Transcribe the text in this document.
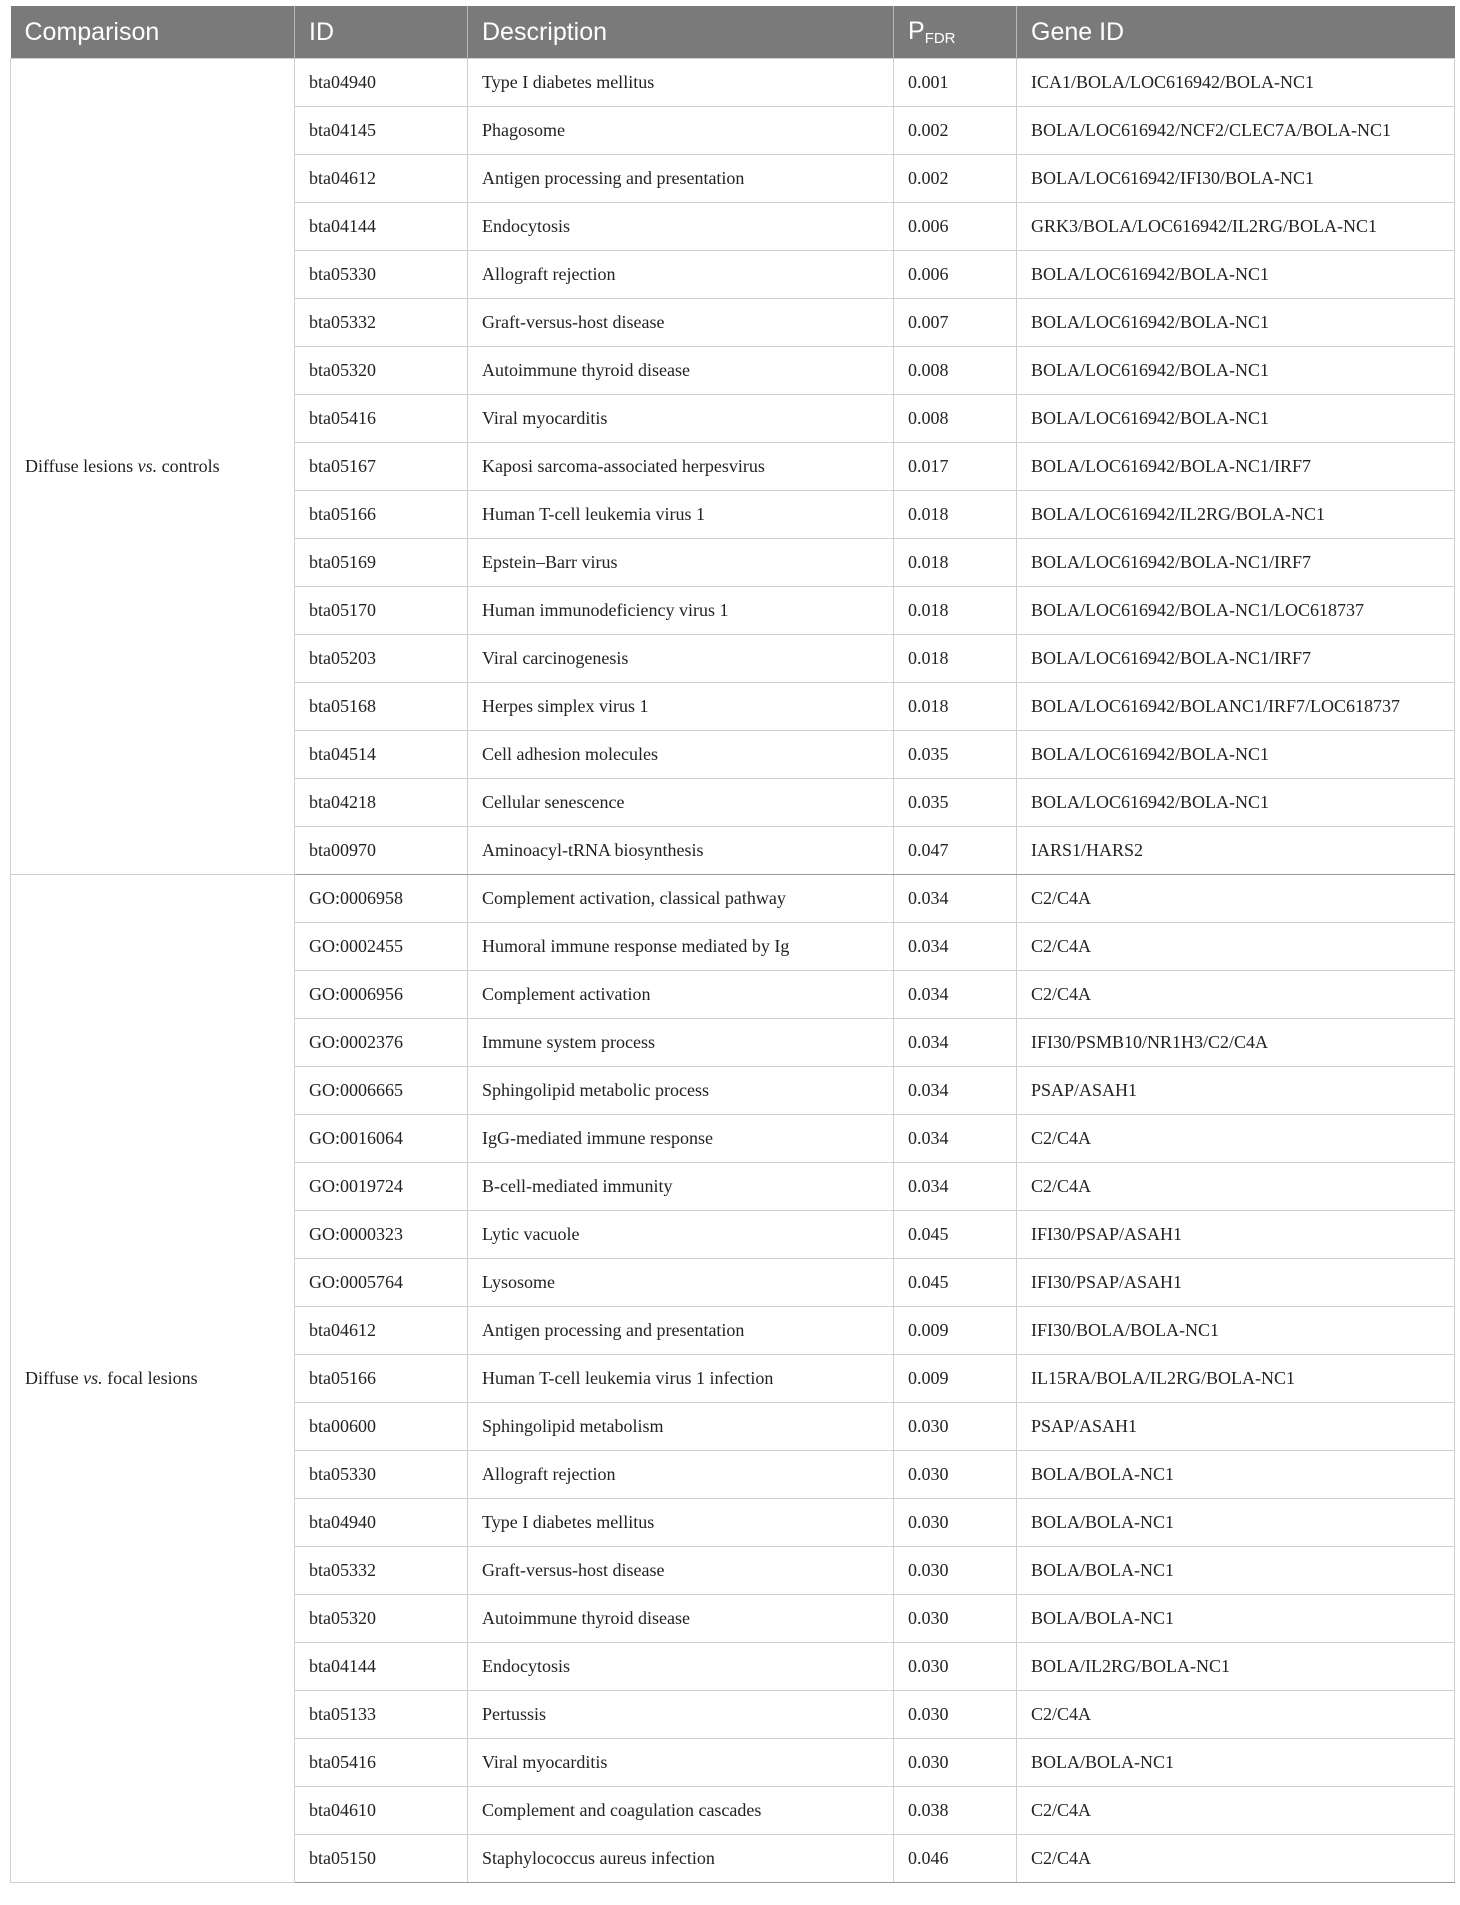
Comparison	ID	Description	$P_{FDR}$	Gene ID
Diffuse lesions vs. controls	bta04940	Type I diabetes mellitus	0.001	ICA1/BOLA/LOC616942/BOLA-NC1
	bta04145	Phagosome	0.002	BOLA/LOC616942/NCF2/CLEC7A/BOLA-NC1
	bta04612	Antigen processing and presentation	0.002	BOLA/LOC616942/IFI30/BOLA-NC1
	bta04144	Endocytosis	0.006	GRK3/BOLA/LOC616942/IL2RG/BOLA-NC1
	bta05330	Allograft rejection	0.006	BOLA/LOC616942/BOLA-NC1
	bta05332	Graft-versus-host disease	0.007	BOLA/LOC616942/BOLA-NC1
	bta05320	Autoimmune thyroid disease	0.008	BOLA/LOC616942/BOLA-NC1
	bta05416	Viral myocarditis	0.008	BOLA/LOC616942/BOLA-NC1
	bta05167	Kaposi sarcoma-associated herpesvirus	0.017	BOLA/LOC616942/BOLA-NC1/IRF7
	bta05166	Human T-cell leukemia virus 1	0.018	BOLA/LOC616942/IL2RG/BOLA-NC1
	bta05169	Epstein–Barr virus	0.018	BOLA/LOC616942/BOLA-NC1/IRF7
	bta05170	Human immunodeficiency virus 1	0.018	BOLA/LOC616942/BOLA-NC1/LOC618737
	bta05203	Viral carcinogenesis	0.018	BOLA/LOC616942/BOLA-NC1/IRF7
	bta05168	Herpes simplex virus 1	0.018	BOLA/LOC616942/BOLANC1/IRF7/LOC618737
	bta04514	Cell adhesion molecules	0.035	BOLA/LOC616942/BOLA-NC1
	bta04218	Cellular senescence	0.035	BOLA/LOC616942/BOLA-NC1
	bta00970	Aminoacyl-tRNA biosynthesis	0.047	IARS1/HARS2
Diffuse vs. focal lesions	GO:0006958	Complement activation, classical pathway	0.034	C2/C4A
	GO:0002455	Humoral immune response mediated by Ig	0.034	C2/C4A
	GO:0006956	Complement activation	0.034	C2/C4A
	GO:0002376	Immune system process	0.034	IFI30/PSMB10/NR1H3/C2/C4A
	GO:0006665	Sphingolipid metabolic process	0.034	PSAP/ASAH1
	GO:0016064	IgG-mediated immune response	0.034	C2/C4A
	GO:0019724	B-cell-mediated immunity	0.034	C2/C4A
	GO:0000323	Lytic vacuole	0.045	IFI30/PSAP/ASAH1
	GO:0005764	Lysosome	0.045	IFI30/PSAP/ASAH1
	bta04612	Antigen processing and presentation	0.009	IFI30/BOLA/BOLA-NC1
	bta05166	Human T-cell leukemia virus 1 infection	0.009	IL15RA/BOLA/IL2RG/BOLA-NC1
	bta00600	Sphingolipid metabolism	0.030	PSAP/ASAH1
	bta05330	Allograft rejection	0.030	BOLA/BOLA-NC1
	bta04940	Type I diabetes mellitus	0.030	BOLA/BOLA-NC1
	bta05332	Graft-versus-host disease	0.030	BOLA/BOLA-NC1
	bta05320	Autoimmune thyroid disease	0.030	BOLA/BOLA-NC1
	bta04144	Endocytosis	0.030	BOLA/IL2RG/BOLA-NC1
	bta05133	Pertussis	0.030	C2/C4A
	bta05416	Viral myocarditis	0.030	BOLA/BOLA-NC1
	bta04610	Complement and coagulation cascades	0.038	C2/C4A
	bta05150	Staphylococcus aureus infection	0.046	C2/C4A
